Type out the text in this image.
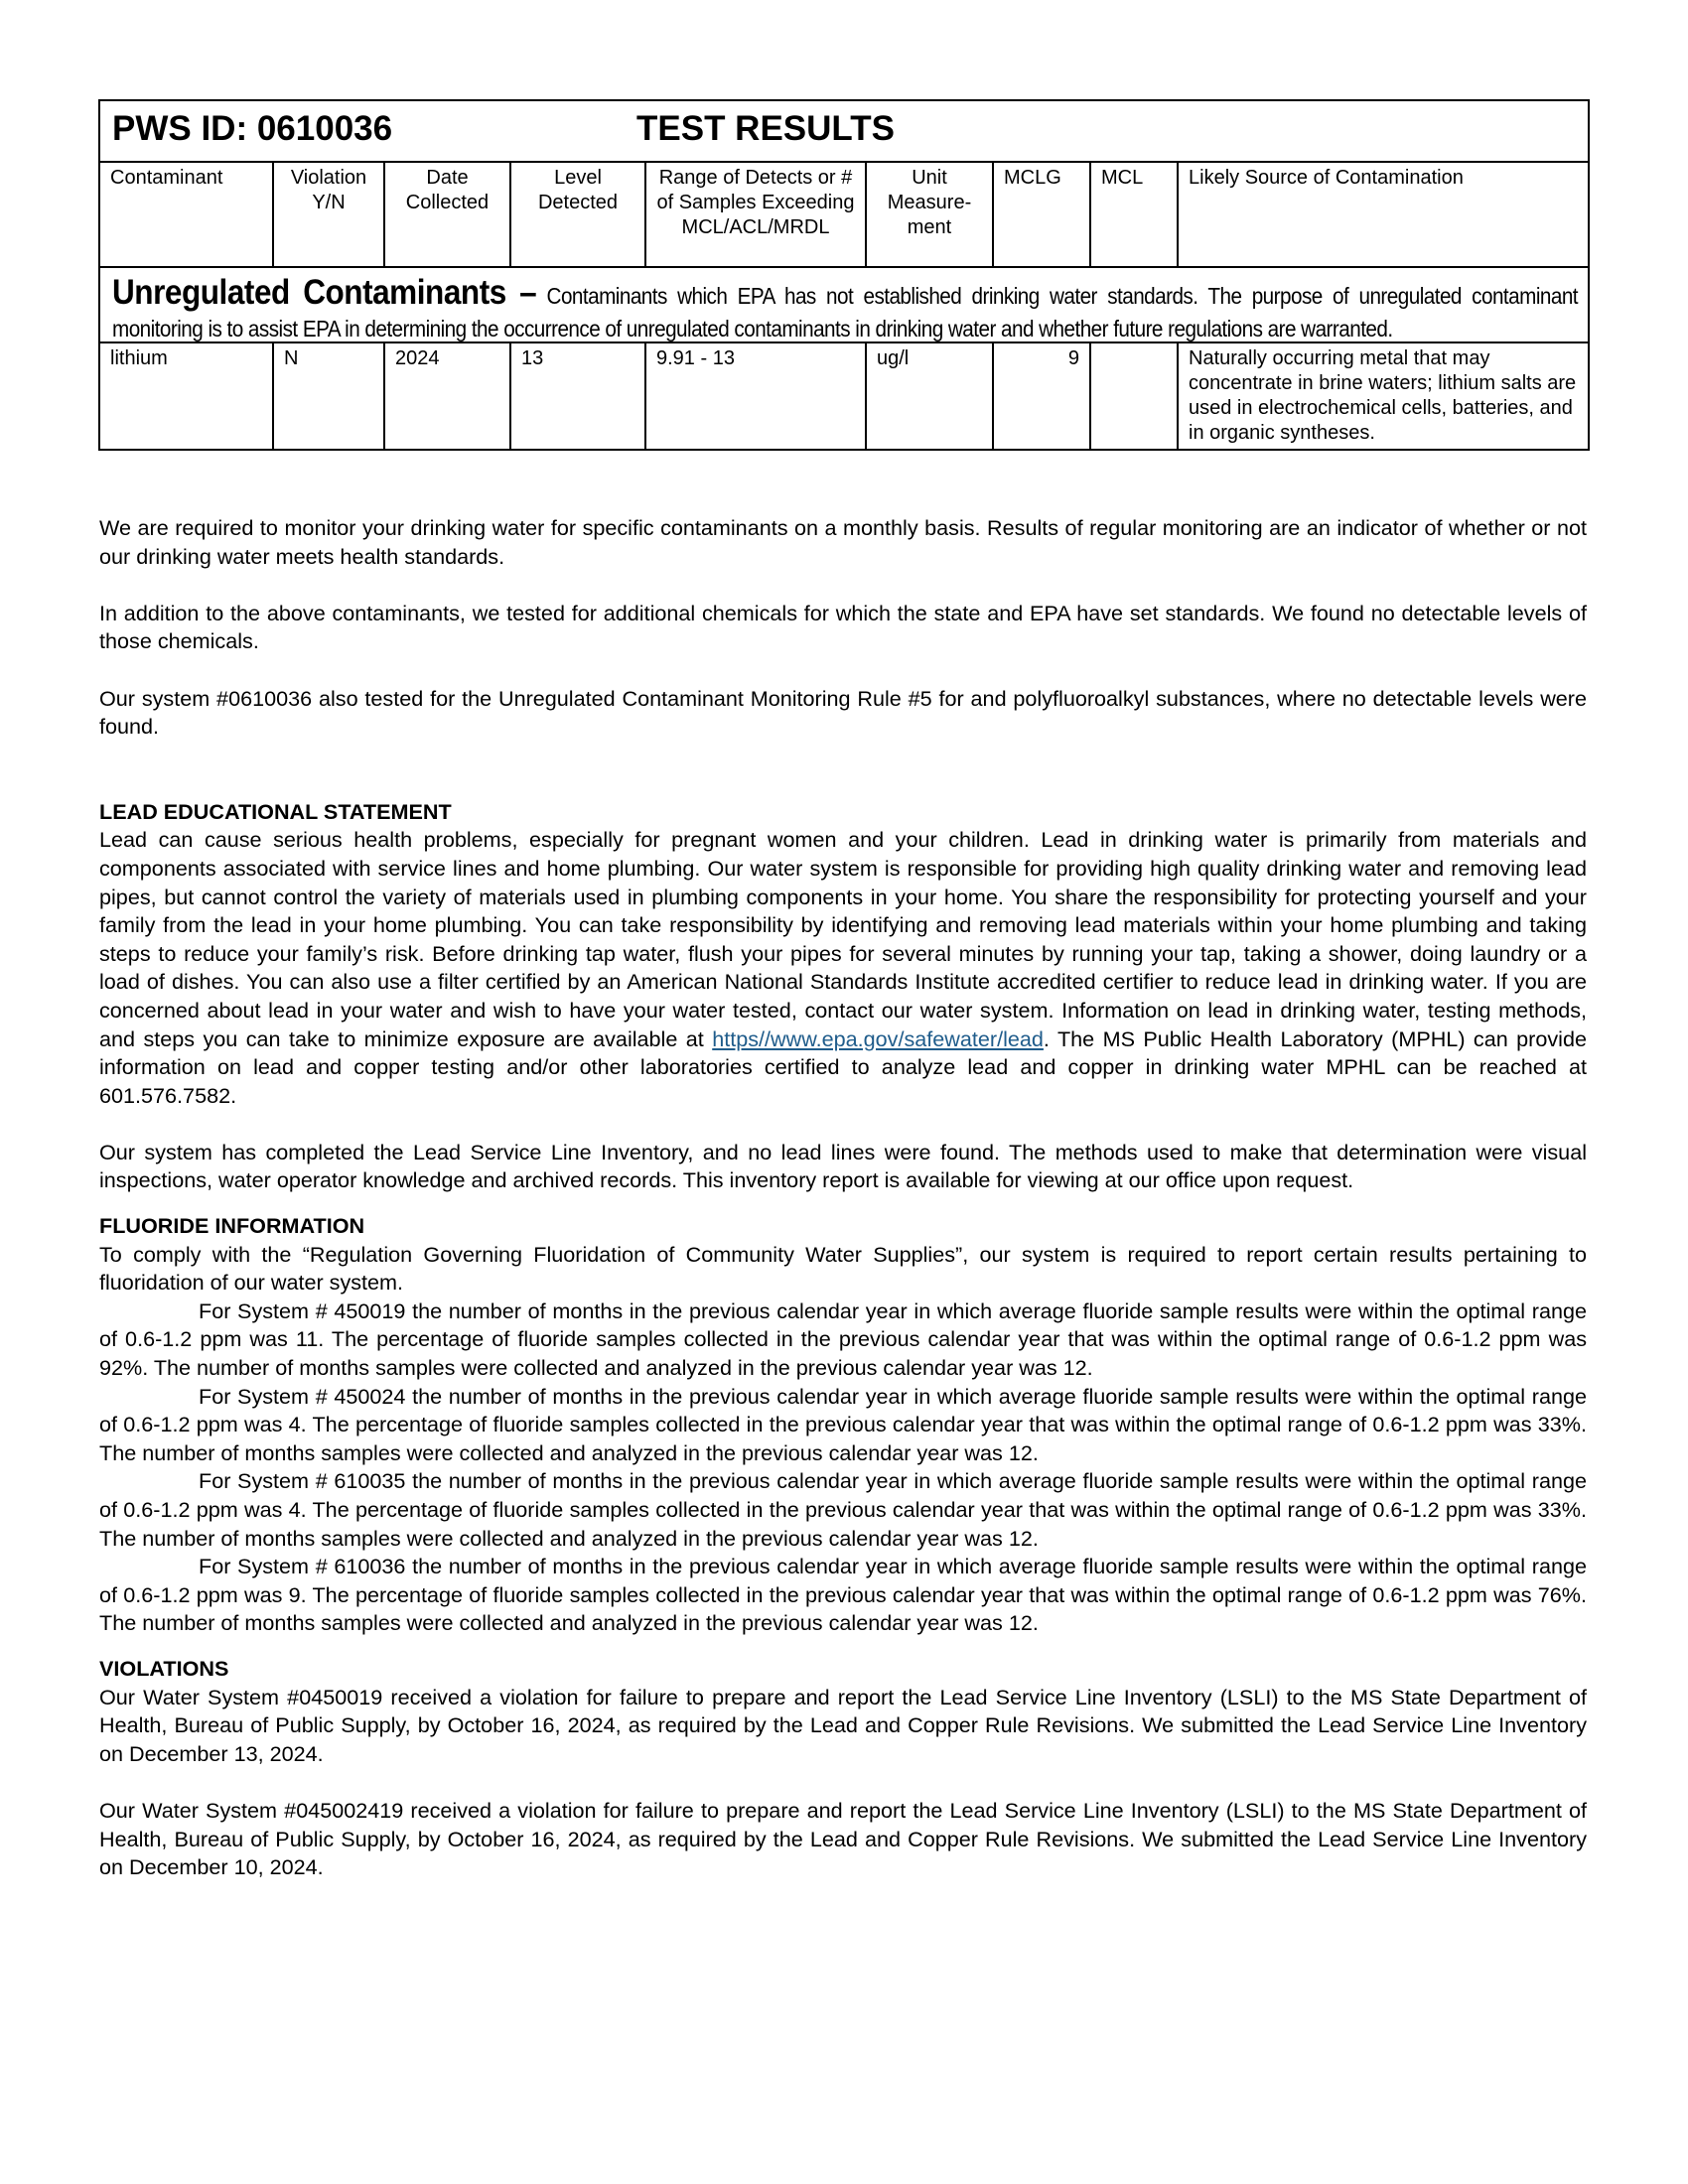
PWS ID: 0610036 TEST RESULTS								
Contaminant	Violation Y/N	Date Collected	Level Detected	Range of Detects or # of Samples Exceeding MCL/ACL/MRDL	Unit Measure-ment	MCLG	MCL	Likely Source of Contamination

Unregulated Contaminants – Contaminants which EPA has not established drinking water standards. The purpose of unregulated contaminant monitoring is to assist EPA in determining the occurrence of unregulated contaminants in drinking water and whether future regulations are warranted.								

lithium	N	2024	13	9.91 - 13	ug/l	9		Naturally occurring metal that may concentrate in brine waters; lithium salts are used in electrochemical cells, batteries, and in organic syntheses.

We are required to monitor your drinking water for specific contaminants on a monthly basis. Results of regular monitoring are an indicator of whether or not our drinking water meets health standards.

In addition to the above contaminants, we tested for additional chemicals for which the state and EPA have set standards. We found no detectable levels of those chemicals.

Our system #0610036 also tested for the Unregulated Contaminant Monitoring Rule #5 for and polyfluoroalkyl substances, where no detectable levels were found.

LEAD EDUCATIONAL STATEMENT

Lead can cause serious health problems, especially for pregnant women and your children. Lead in drinking water is primarily from materials and components associated with service lines and home plumbing. Our water system is responsible for providing high quality drinking water and removing lead pipes, but cannot control the variety of materials used in plumbing components in your home. You share the responsibility for protecting yourself and your family from the lead in your home plumbing. You can take responsibility by identifying and removing lead materials within your home plumbing and taking steps to reduce your family’s risk. Before drinking tap water, flush your pipes for several minutes by running your tap, taking a shower, doing laundry or a load of dishes. You can also use a filter certified by an American National Standards Institute accredited certifier to reduce lead in drinking water. If you are concerned about lead in your water and wish to have your water tested, contact our water system. Information on lead in drinking water, testing methods, and steps you can take to minimize exposure are available at https//www.epa.gov/safewater/lead. The MS Public Health Laboratory (MPHL) can provide information on lead and copper testing and/or other laboratories certified to analyze lead and copper in drinking water MPHL can be reached at 601.576.7582.

Our system has completed the Lead Service Line Inventory, and no lead lines were found. The methods used to make that determination were visual inspections, water operator knowledge and archived records. This inventory report is available for viewing at our office upon request.

FLUORIDE INFORMATION

To comply with the “Regulation Governing Fluoridation of Community Water Supplies”, our system is required to report certain results pertaining to fluoridation of our water system.

For System # 450019 the number of months in the previous calendar year in which average fluoride sample results were within the optimal range of 0.6-1.2 ppm was 11. The percentage of fluoride samples collected in the previous calendar year that was within the optimal range of 0.6-1.2 ppm was 92%. The number of months samples were collected and analyzed in the previous calendar year was 12.

For System # 450024 the number of months in the previous calendar year in which average fluoride sample results were within the optimal range of 0.6-1.2 ppm was 4. The percentage of fluoride samples collected in the previous calendar year that was within the optimal range of 0.6-1.2 ppm was 33%. The number of months samples were collected and analyzed in the previous calendar year was 12.

For System # 610035 the number of months in the previous calendar year in which average fluoride sample results were within the optimal range of 0.6-1.2 ppm was 4. The percentage of fluoride samples collected in the previous calendar year that was within the optimal range of 0.6-1.2 ppm was 33%. The number of months samples were collected and analyzed in the previous calendar year was 12.

For System # 610036 the number of months in the previous calendar year in which average fluoride sample results were within the optimal range of 0.6-1.2 ppm was 9. The percentage of fluoride samples collected in the previous calendar year that was within the optimal range of 0.6-1.2 ppm was 76%. The number of months samples were collected and analyzed in the previous calendar year was 12.

VIOLATIONS

Our Water System #0450019 received a violation for failure to prepare and report the Lead Service Line Inventory (LSLI) to the MS State Department of Health, Bureau of Public Supply, by October 16, 2024, as required by the Lead and Copper Rule Revisions. We submitted the Lead Service Line Inventory on December 13, 2024.

Our Water System #045002419 received a violation for failure to prepare and report the Lead Service Line Inventory (LSLI) to the MS State Department of Health, Bureau of Public Supply, by October 16, 2024, as required by the Lead and Copper Rule Revisions. We submitted the Lead Service Line Inventory on December 10, 2024.
